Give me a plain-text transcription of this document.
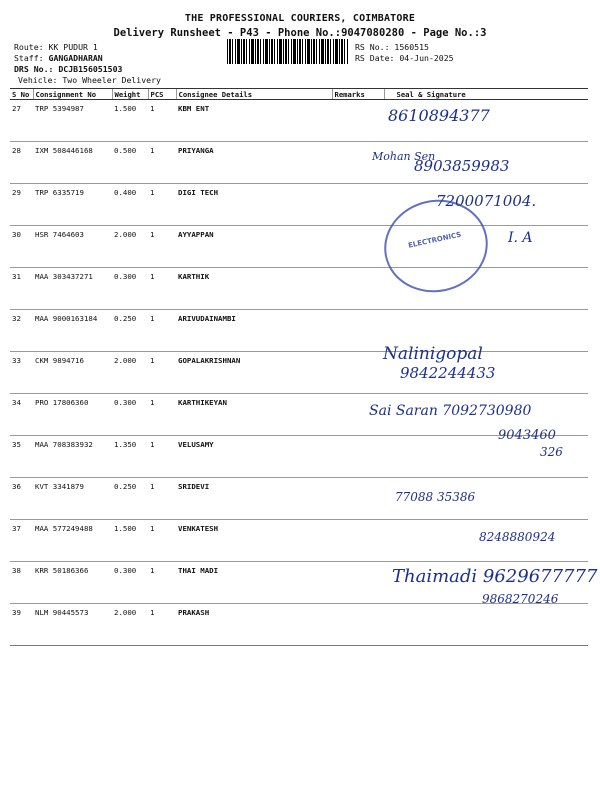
THE PROFESSIONAL COURIERS, COIMBATORE
Delivery Runsheet - P43 - Phone No.:9047080280 - Page No.:3
Route: KK PUDUR 1
Staff: GANGADHARAN
DRS No.: DCJB156051503
Vehicle: Two Wheeler Delivery
RS No.: 1560515
RS Date: 04-Jun-2025
S No	Consignment No	Weight	PCS	Consignee Details	Remarks	Seal & Signature
27	TRP 5394987	1.500	1	KBM ENT		
28	IXM 508446168	0.500	1	PRIYANGA		
29	TRP 6335719	0.400	1	DIGI TECH		
30	HSR 7464603	2.000	1	AYYAPPAN		
31	MAA 303437271	0.300	1	KARTHIK		
32	MAA 9000163184	0.250	1	ARIVUDAINAMBI		
33	CKM 9894716	2.000	1	GOPALAKRISHNAN		
34	PRO 17806360	0.300	1	KARTHIKEYAN		
35	MAA 708383932	1.350	1	VELUSAMY		
36	KVT 3341879	0.250	1	SRIDEVI		
37	MAA 577249488	1.500	1	VENKATESH		
38	KRR 50186366	0.300	1	THAI MADI		
39	NLM 90445573	2.000	1	PRAKASH		
ELECTRONICS
8610894377
Mohan Sen
8903859983
7200071004.
I. A
Nalinigopal
9842244433
Sai Saran 7092730980
9043460
326
77088 35386
8248880924
Thaimadi 9629677777
9868270246
